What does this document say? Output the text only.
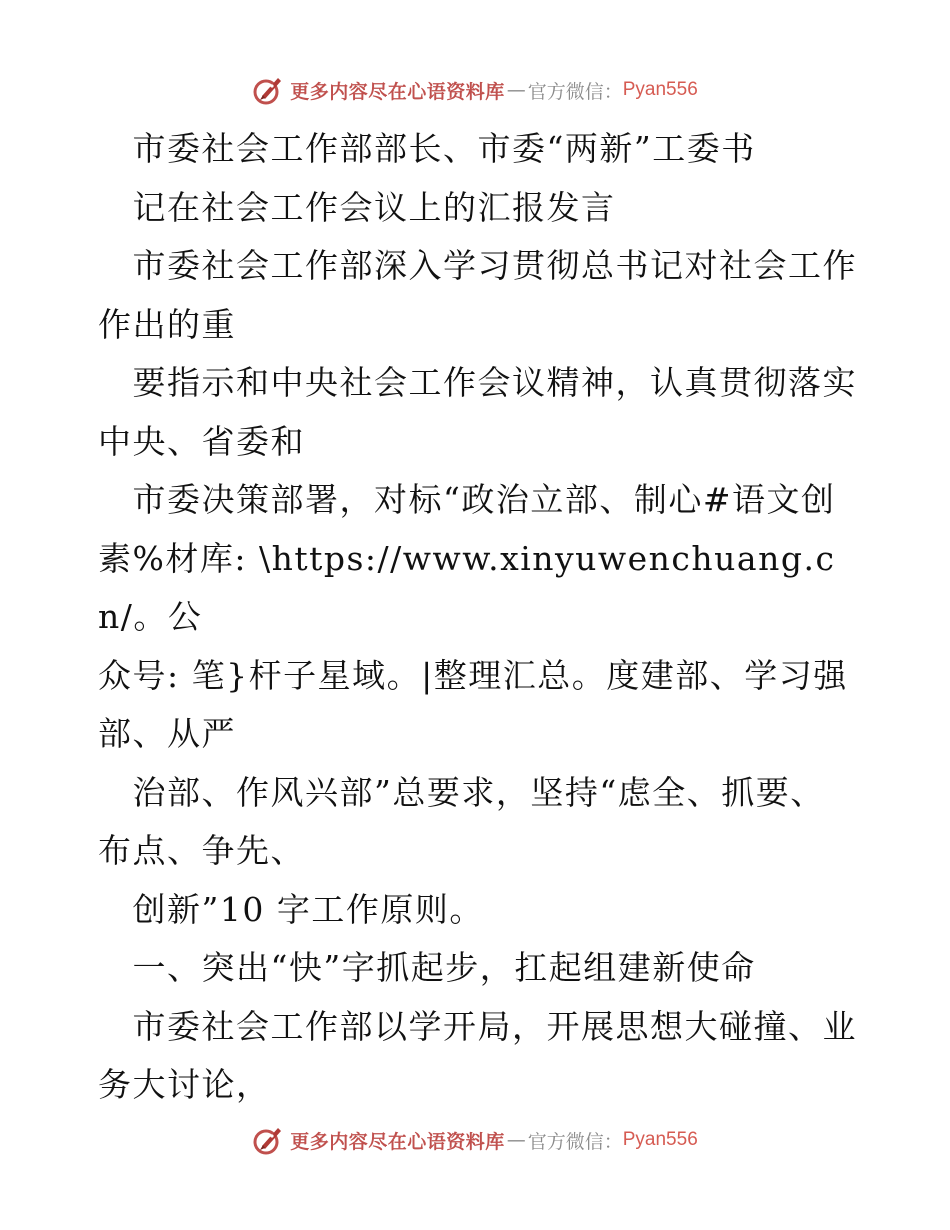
更多内容尽在心语资料库 — 官方微信： Pyan556

　市委社会工作部部长、市委“两新”工委书

　记在社会工作会议上的汇报发言

　市委社会工作部深入学习贯彻总书记对社会工作

作出的重

　要指示和中央社会工作会议精神，认真贯彻落实

中央、省委和

　市委决策部署，对标“政治立部、制心#语文创

素%材库: \https://www.xinyuwenchuang.cn/。公

众号: 笔}杆子星域。|整理汇总。度建部、学习强

部、从严

　治部、作风兴部”总要求，坚持“虑全、抓要、

布点、争先、

　创新”10 字工作原则。

　一、突出“快”字抓起步，扛起组建新使命

　市委社会工作部以学开局，开展思想大碰撞、业

务大讨论，

更多内容尽在心语资料库 — 官方微信： Pyan556
